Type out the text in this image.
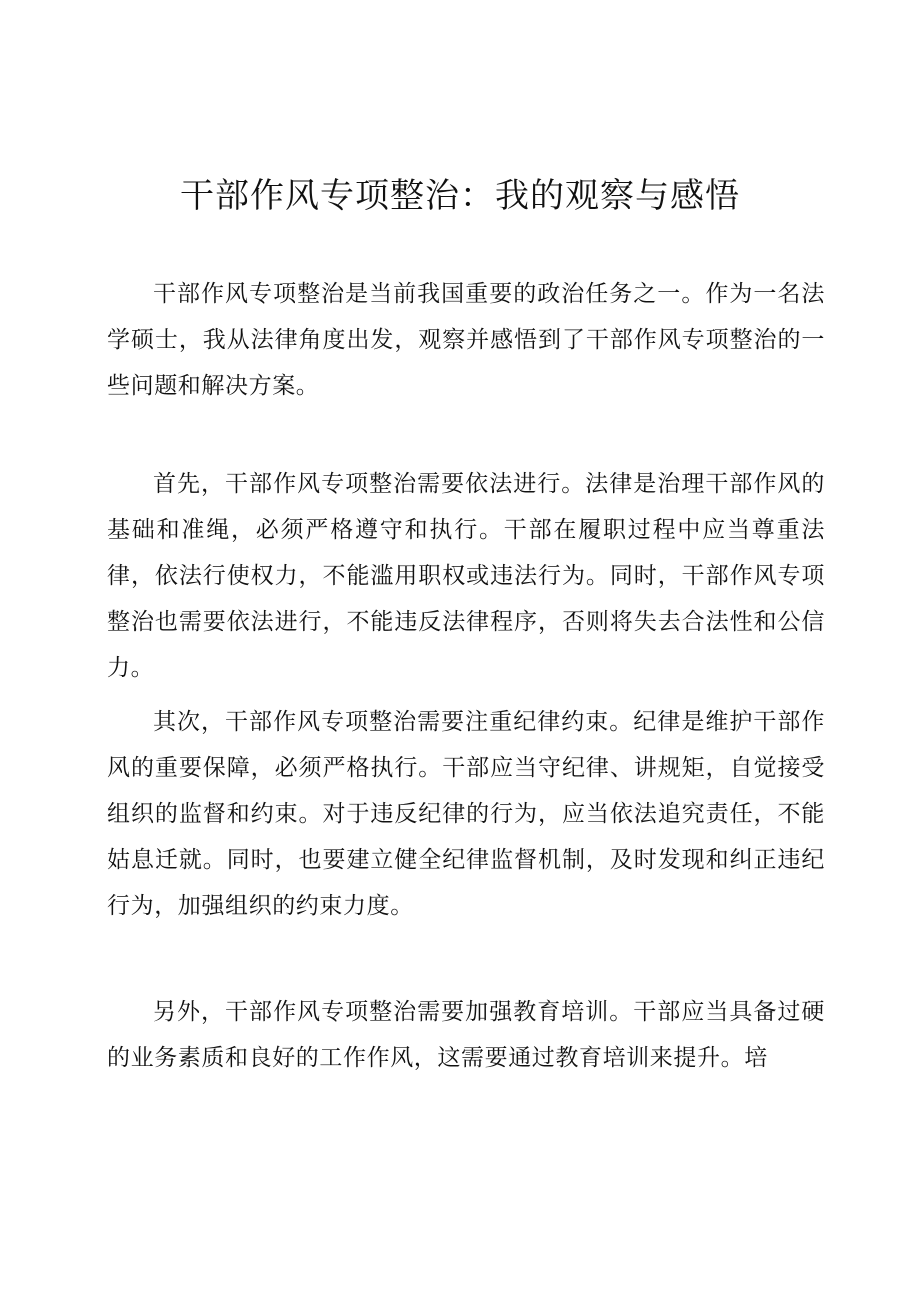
干部作风专项整治：我的观察与感悟

干部作风专项整治是当前我国重要的政治任务之一。作为一名法学硕士，我从法律角度出发，观察并感悟到了干部作风专项整治的一些问题和解决方案。

首先，干部作风专项整治需要依法进行。法律是治理干部作风的基础和准绳，必须严格遵守和执行。干部在履职过程中应当尊重法律，依法行使权力，不能滥用职权或违法行为。同时，干部作风专项整治也需要依法进行，不能违反法律程序，否则将失去合法性和公信力。

其次，干部作风专项整治需要注重纪律约束。纪律是维护干部作风的重要保障，必须严格执行。干部应当守纪律、讲规矩，自觉接受组织的监督和约束。对于违反纪律的行为，应当依法追究责任，不能姑息迁就。同时，也要建立健全纪律监督机制，及时发现和纠正违纪行为，加强组织的约束力度。

另外，干部作风专项整治需要加强教育培训。干部应当具备过硬的业务素质和良好的工作作风，这需要通过教育培训来提升。培
